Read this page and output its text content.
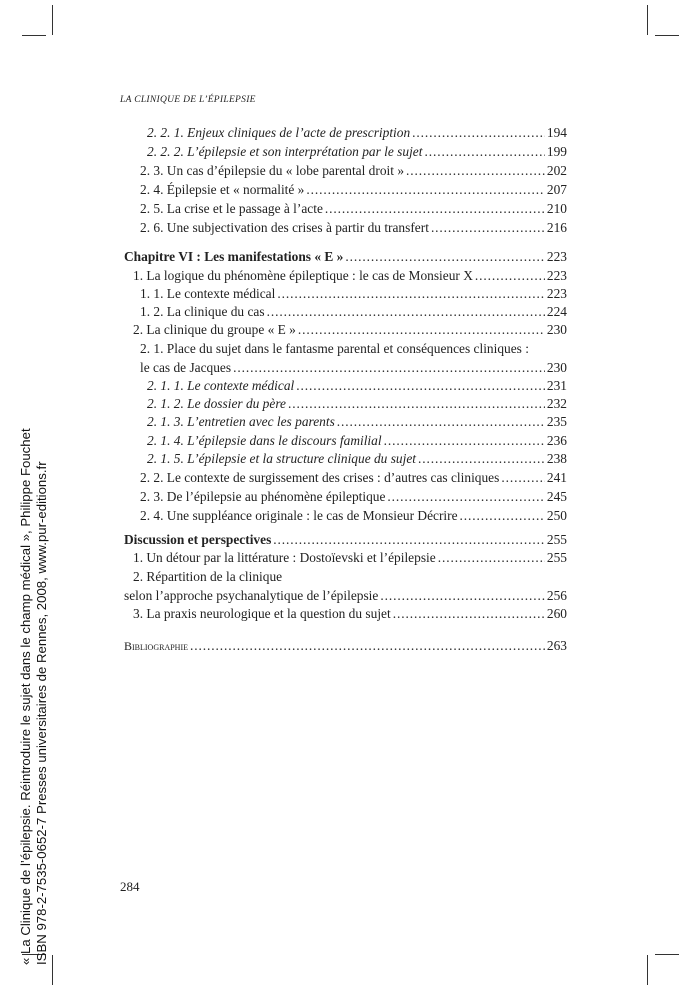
LA CLINIQUE DE L’ÉPILEPSIE
2. 2. 1. Enjeux cliniques de l’acte de prescription .....	194
2. 2. 2. L’épilepsie et son interprétation par le sujet .....	199
2. 3. Un cas d’épilepsie du « lobe parental droit » .....	202
2. 4. Épilepsie et « normalité » .....	207
2. 5. La crise et le passage à l’acte .....	210
2. 6. Une subjectivation des crises à partir du transfert .....	216
Chapitre VI : Les manifestations « E » .....	223
1. La logique du phénomène épileptique : le cas de Monsieur X .....	223
1. 1. Le contexte médical .....	223
1. 2. La clinique du cas .....	224
2. La clinique du groupe « E » .....	230
2. 1. Place du sujet dans le fantasme parental et conséquences cliniques :
le cas de Jacques .....	230
2. 1. 1. Le contexte médical .....	231
2. 1. 2. Le dossier du père .....	232
2. 1. 3. L’entretien avec les parents .....	235
2. 1. 4. L’épilepsie dans le discours familial .....	236
2. 1. 5. L’épilepsie et la structure clinique du sujet .....	238
2. 2. Le contexte de surgissement des crises : d’autres cas cliniques .....	241
2. 3. De l’épilepsie au phénomène épileptique .....	245
2. 4. Une suppléance originale : le cas de Monsieur Décrire .....	250
Discussion et perspectives .....	255
1. Un détour par la littérature : Dostoïevski et l’épilepsie .....	255
2. Répartition de la clinique
selon l’approche psychanalytique de l’épilepsie .....	256
3. La praxis neurologique et la question du sujet .....	260
Bibliographie .....	263
284
« La Clinique de l’épilepsie. Réintroduire le sujet dans le champ médical », Philippe Fouchet ISBN 978-2-7535-0652-7 Presses universitaires de Rennes, 2008, www.pur-editions.fr
